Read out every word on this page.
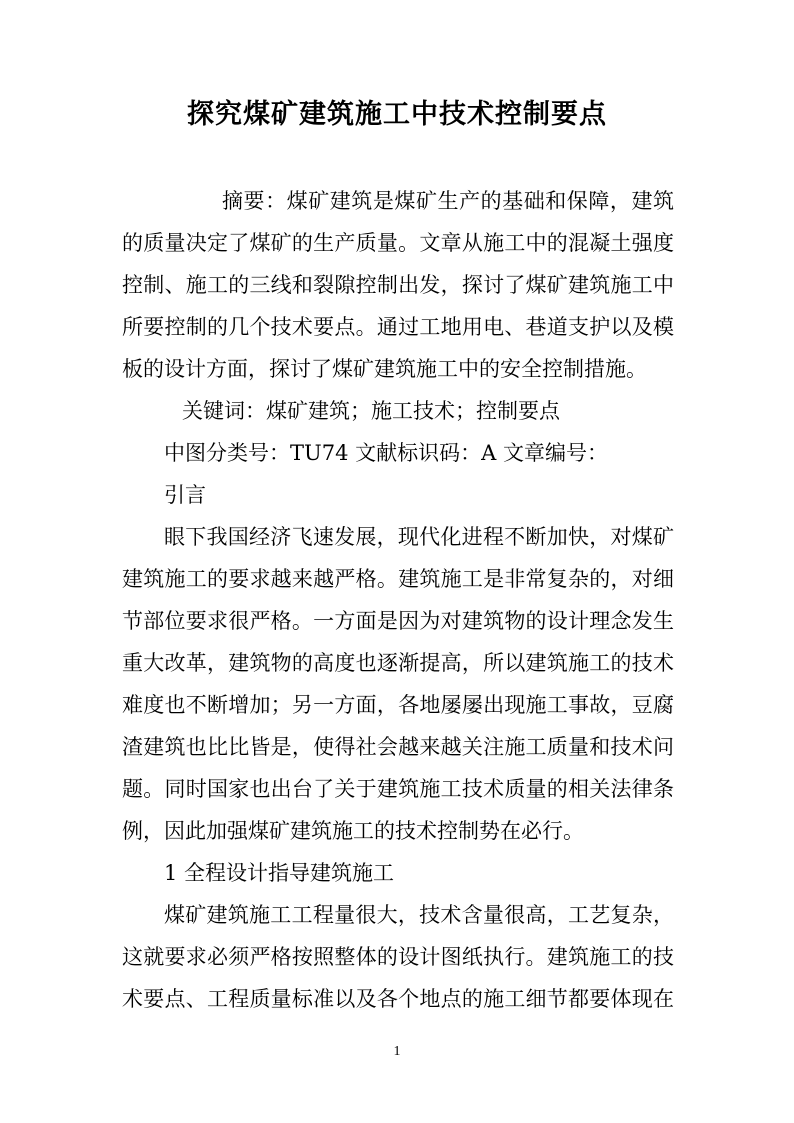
探究煤矿建筑施工中技术控制要点
摘要：煤矿建筑是煤矿生产的基础和保障，建筑
的质量决定了煤矿的生产质量。文章从施工中的混凝土强度
控制、施工的三线和裂隙控制出发，探讨了煤矿建筑施工中
所要控制的几个技术要点。通过工地用电、巷道支护以及模
板的设计方面，探讨了煤矿建筑施工中的安全控制措施。
关键词：煤矿建筑；施工技术；控制要点
中图分类号：TU74 文献标识码：A 文章编号：
引言
眼下我国经济飞速发展，现代化进程不断加快，对煤矿
建筑施工的要求越来越严格。建筑施工是非常复杂的，对细
节部位要求很严格。一方面是因为对建筑物的设计理念发生
重大改革，建筑物的高度也逐渐提高，所以建筑施工的技术
难度也不断增加；另一方面，各地屡屡出现施工事故，豆腐
渣建筑也比比皆是，使得社会越来越关注施工质量和技术问
题。同时国家也出台了关于建筑施工技术质量的相关法律条
例，因此加强煤矿建筑施工的技术控制势在必行。
1 全程设计指导建筑施工
煤矿建筑施工工程量很大，技术含量很高，工艺复杂，
这就要求必须严格按照整体的设计图纸执行。建筑施工的技
术要点、工程质量标准以及各个地点的施工细节都要体现在
1
